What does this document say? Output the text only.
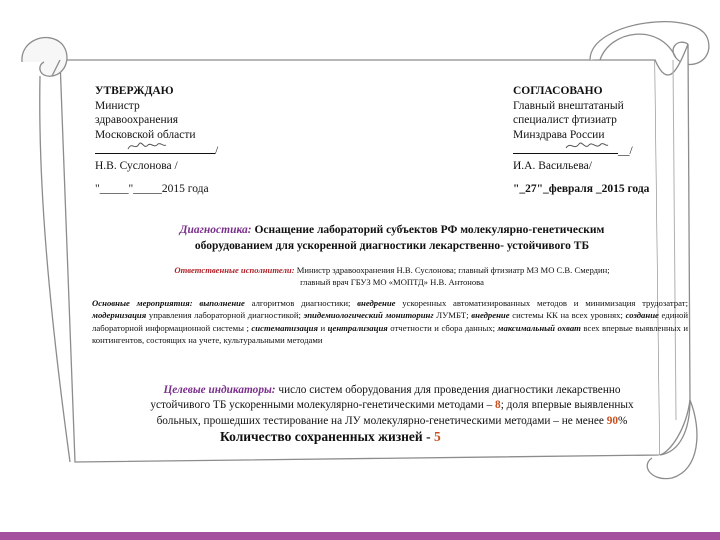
УТВЕРЖДАЮ
Министр
здравоохранения
Московской области
/
Н.В. Суслонова /
"_____"_____2015 года
СОГЛАСОВАНО
Главный внештатаный
специалист фтизиатр
Минздрава России
__/
И.А. Васильева/
"_27"_февраля _2015 года
Диагностика: Оснащение лабораторий субъектов РФ молекулярно-генетическим
оборудованием для ускоренной диагностики лекарственно- устойчивого ТБ
Ответственные исполнители: Министр здравоохранения Н.В. Суслонова; главный фтизиатр МЗ МО С.В. Смердин;
главный врач ГБУЗ МО «МОПТД» Н.В. Антонова
Основные мероприятия: выполнение алгоритмов диагностики; внедрение ускоренных автоматизированных методов и минимизация трудозатрат; модернизация управления лабораторной диагностикой; эпидемиологический мониторинг ЛУМБТ; внедрение системы КК на всех уровнях; создание единой лабораторной информационной системы ; систематизация и централизация отчетности и сбора данных; максимальный охват всех впервые выявленных и контингентов, состоящих на учете, культуральными методами
Целевые индикаторы: число систем оборудования для проведения диагностики лекарственно
устойчивого ТБ ускоренными молекулярно-генетическими методами – 8; доля впервые выявленных
больных, прошедших тестирование на ЛУ молекулярно-генетическими методами – не менее 90%
Количество сохраненных жизней - 5
